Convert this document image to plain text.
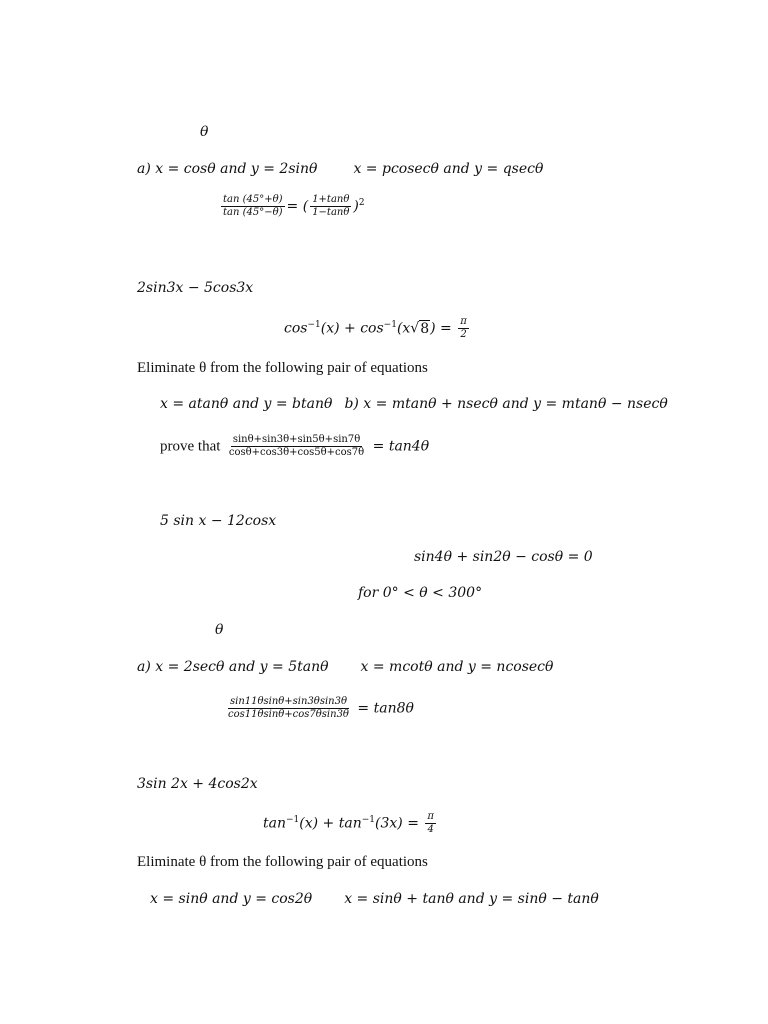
θ
a) x = cosθ and y = 2sinθ	x = pcosecθ and y = qsecθ
$\frac{\tan (45^\circ+\theta)}{\tan (45^\circ-\theta)}$ = ( $\frac{1+\tan\theta}{1-\tan\theta} )^2$
2sin3x − 5cos3x
$\cos^{-1}(x) + \cos^{-1}(x√8) = \frac{\pi}{2}$
Eliminate θ from the following pair of equations
x = atanθ and y = btanθ b) x = mtanθ + nsecθ and y = mtanθ − nsecθ
prove that $\frac{\sin\theta+\sin 3\theta+\sin 5\theta+\sin 7\theta}{\cos\theta+\cos 3\theta+\cos 5\theta+\cos 7\theta} = \tan 4\theta$
5 sin x − 12cosx
sin4θ + sin2θ − cosθ = 0
for 0° < θ < 300°
θ
a) x = 2secθ and y = 5tanθ x = mcotθ and y = ncosecθ
$\frac{\sin 11\theta\sin\theta+\sin 3\theta\sin 3\theta}{\cos 11\theta\sin\theta+\cos 7\theta\sin 3\theta} = \tan 8\theta$
3sin 2x + 4cos2x
$\tan^{-1}(x) + \tan^{-1}(3x) = \frac{\pi}{4}$
Eliminate θ from the following pair of equations
x = sinθ and y = cos2θ x = sinθ + tanθ and y = sinθ − tanθ
